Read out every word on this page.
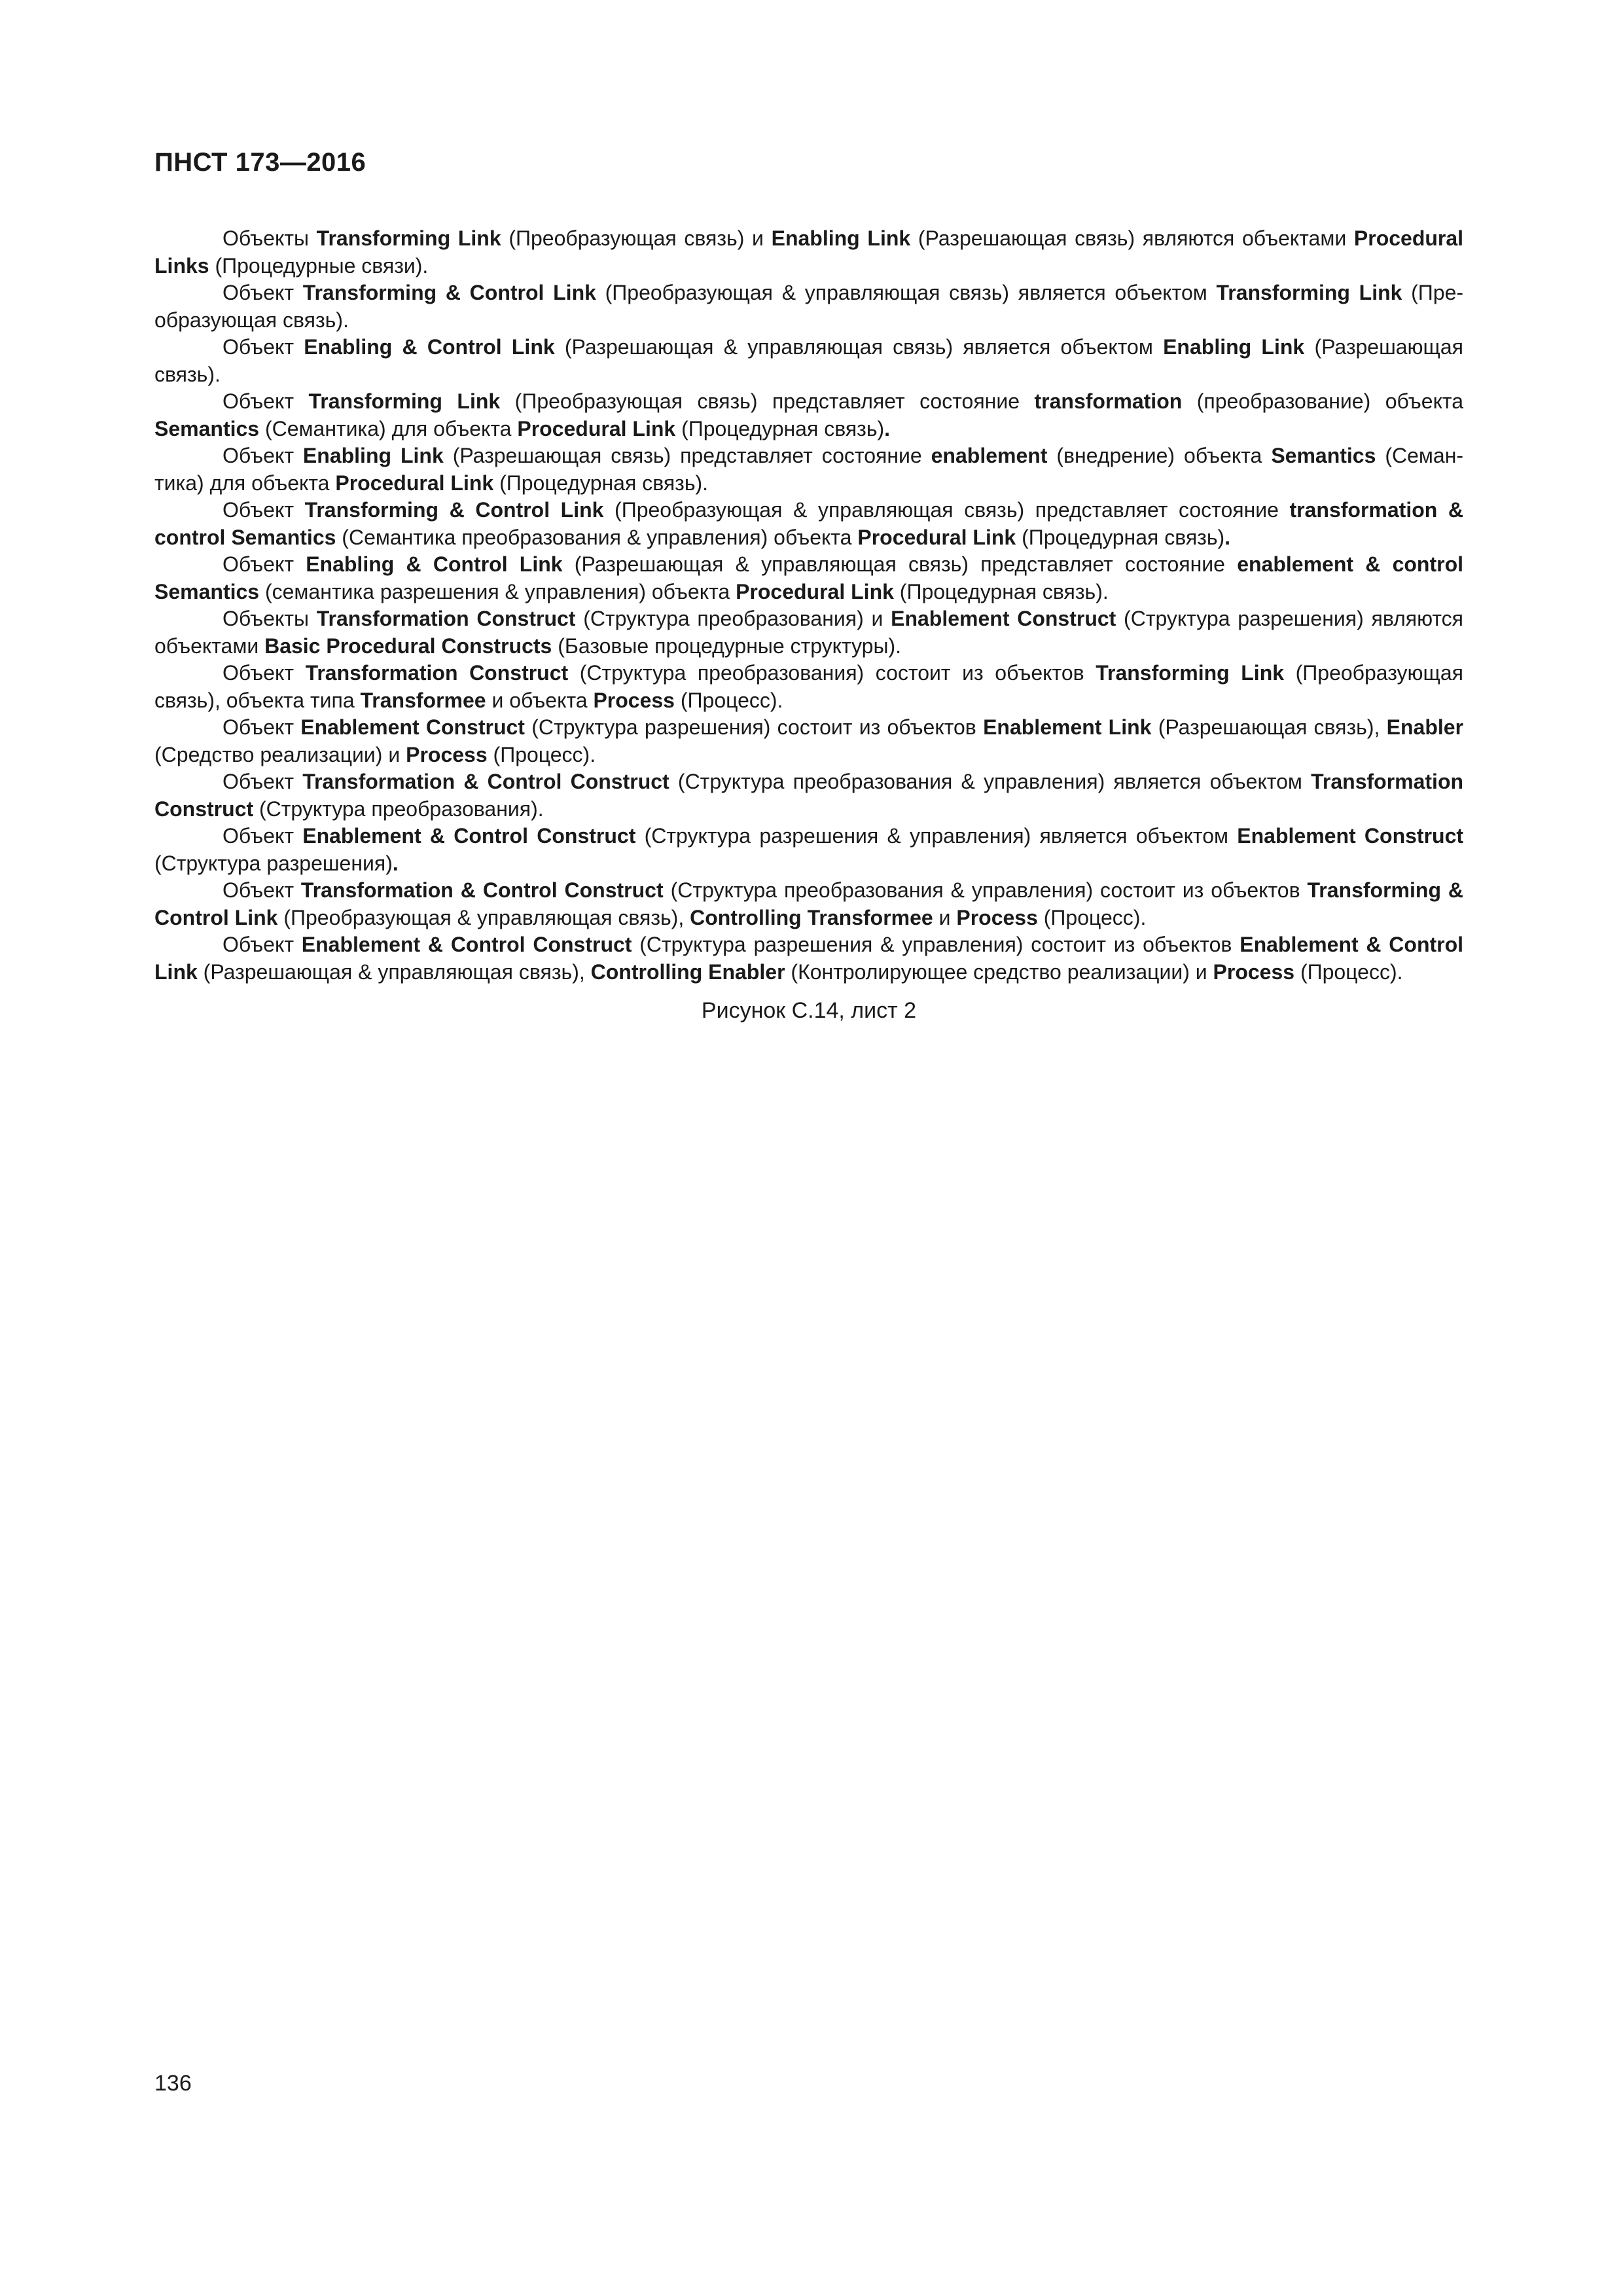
ПНСТ 173—2016

Объекты Transforming Link (Преобразующая связь) и Enabling Link (Разрешающая связь) являются объектами Procedural Links (Процедурные связи).

Объект Transforming & Control Link (Преобразующая & управляющая связь) является объектом Transforming Link (Преобразующая связь).

Объект Enabling & Control Link (Разрешающая & управляющая связь) является объектом Enabling Link (Разрешающая связь).

Объект Transforming Link (Преобразующая связь) представляет состояние transformation (преобразование) объекта Semantics (Семантика) для объекта Procedural Link (Процедурная связь).

Объект Enabling Link (Разрешающая связь) представляет состояние enablement (внедрение) объекта Semantics (Семантика) для объекта Procedural Link (Процедурная связь).

Объект Transforming & Control Link (Преобразующая & управляющая связь) представляет состояние transformation & control Semantics (Семантика преобразования & управления) объекта Procedural Link (Процедурная связь).

Объект Enabling & Control Link (Разрешающая & управляющая связь) представляет состояние enablement & control Semantics (семантика разрешения & управления) объекта Procedural Link (Процедурная связь).

Объекты Transformation Construct (Структура преобразования) и Enablement Construct (Структура разрешения) являются объектами Basic Procedural Constructs (Базовые процедурные структуры).

Объект Transformation Construct (Структура преобразования) состоит из объектов Transforming Link (Преобразующая связь), объекта типа Transformee и объекта Process (Процесс).

Объект Enablement Construct (Структура разрешения) состоит из объектов Enablement Link (Разрешающая связь), Enabler (Средство реализации) и Process (Процесс).

Объект Transformation & Control Construct (Структура преобразования & управления) является объектом Transformation Construct (Структура преобразования).

Объект Enablement & Control Construct (Структура разрешения & управления) является объектом Enablement Construct (Структура разрешения).

Объект Transformation & Control Construct (Структура преобразования & управления) состоит из объектов Transforming & Control Link (Преобразующая & управляющая связь), Controlling Transformee и Process (Процесс).

Объект Enablement & Control Construct (Структура разрешения & управления) состоит из объектов Enablement & Control Link (Разрешающая & управляющая связь), Controlling Enabler (Контролирующее средство реализации) и Process (Процесс).

Рисунок С.14, лист 2

136
